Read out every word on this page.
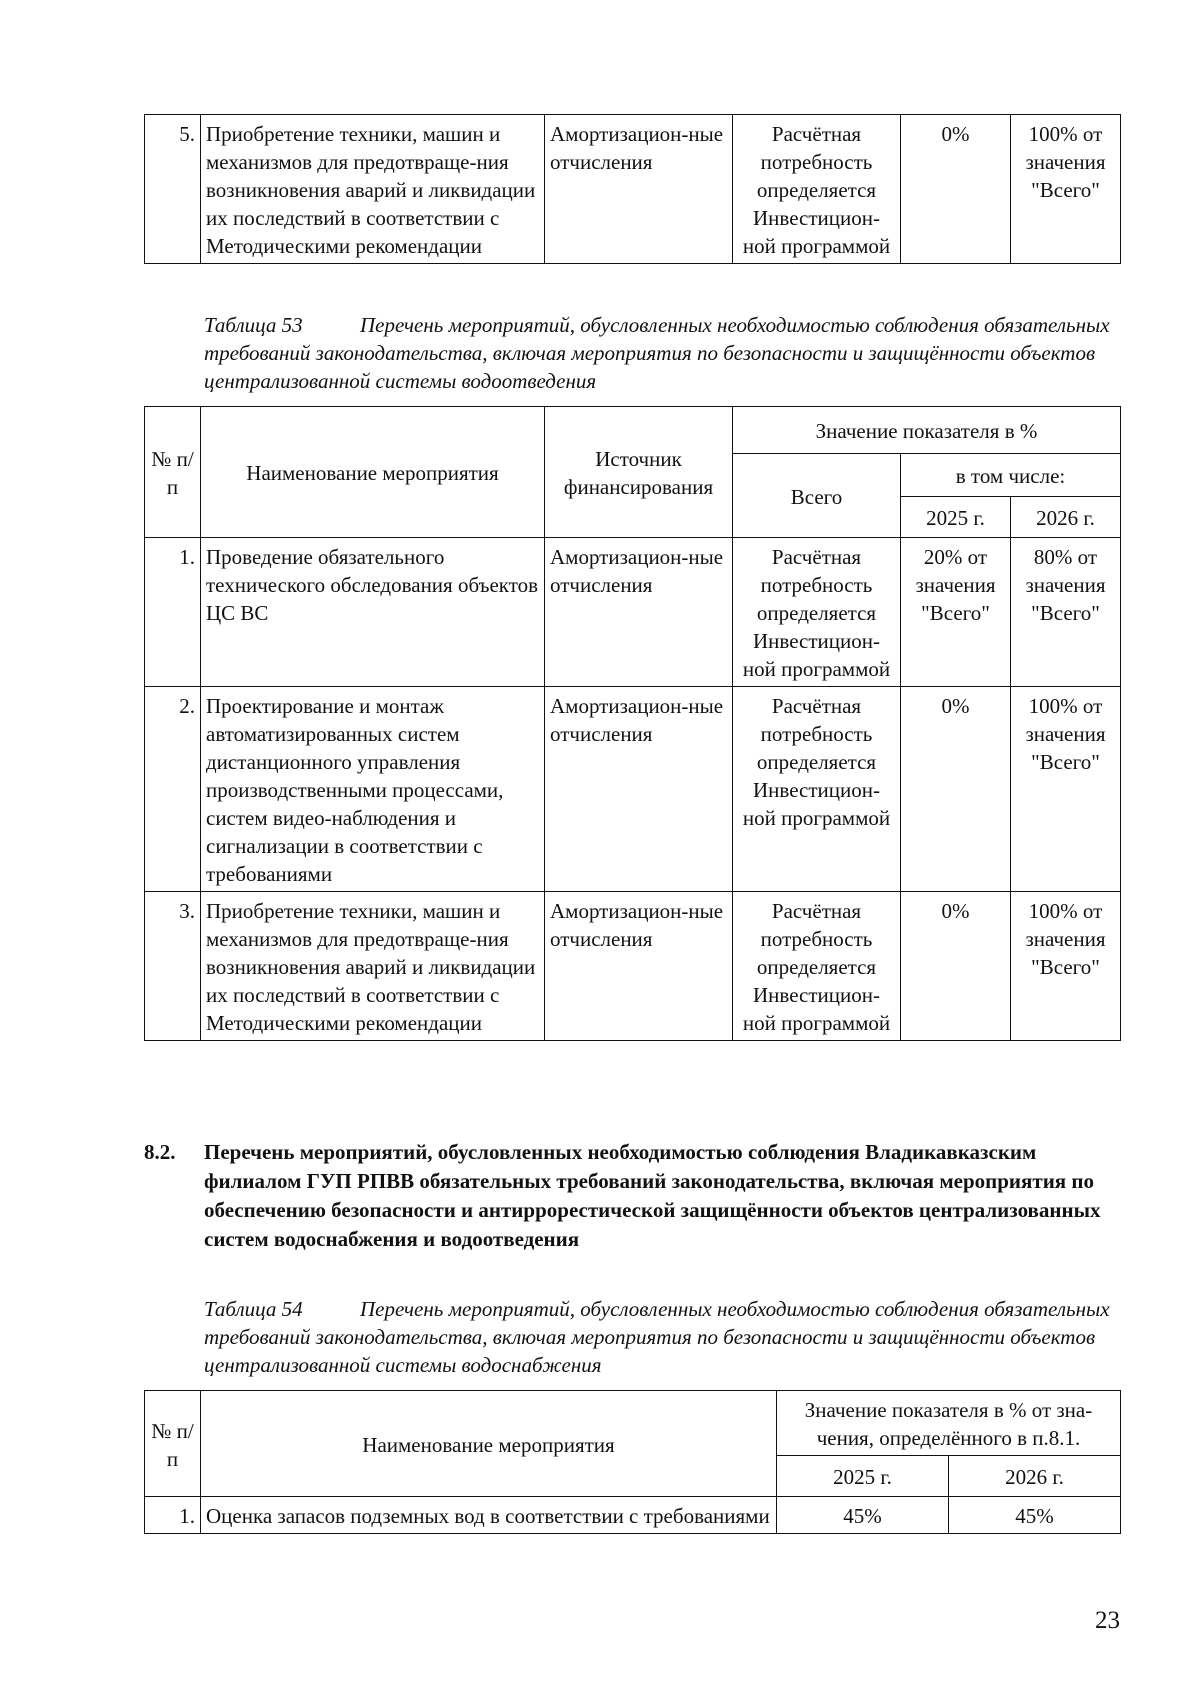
5.	Приобретение техники, машин и механизмов для предотвраще-ния возникновения аварий и ликвидации их последствий в соответствии с Методическими рекомендации	Амортизацион-ные отчисления	Расчётная потребность определяется Инвестицион-ной программой	0%	100% от значения "Всего"
Таблица 53	Перечень мероприятий, обусловленных необходимостью соблюдения обязательных требований законодательства, включая мероприятия по безопасности и защищённости объектов централизованной системы водоотведения
№ п/п	Наименование мероприятия	Источник финансирования	Значение показателя в %		
			Всего	в том числе:	
				2025 г.	2026 г.
1.	Проведение обязательного технического обследования объектов ЦС ВС	Амортизацион-ные отчисления	Расчётная потребность определяется Инвестицион-ной программой	20% от значения "Всего"	80% от значения "Всего"
2.	Проектирование и монтаж автоматизированных систем дистанционного управления производственными процессами, систем видео-наблюдения и сигнализации в соответствии с требованиями	Амортизацион-ные отчисления	Расчётная потребность определяется Инвестицион-ной программой	0%	100% от значения "Всего"
3.	Приобретение техники, машин и механизмов для предотвраще-ния возникновения аварий и ликвидации их последствий в соответствии с Методическими рекомендации	Амортизацион-ные отчисления	Расчётная потребность определяется Инвестицион-ной программой	0%	100% от значения "Всего"
8.2. Перечень мероприятий, обусловленных необходимостью соблюдения Владикавказским филиалом ГУП РПВВ обязательных требований законодательства, включая мероприятия по обеспечению безопасности и антиррорестической защищённости объектов централизованных систем водоснабжения и водоотведения
Таблица 54	Перечень мероприятий, обусловленных необходимостью соблюдения обязательных требований законодательства, включая мероприятия по безопасности и защищённости объектов централизованной системы водоснабжения
№ п/п	Наименование мероприятия	Значение показателя в % от зна-чения, определённого в п.8.1.	
		2025 г.	2026 г.
1.	Оценка запасов подземных вод в соответствии с требованиями	45%	45%
23
